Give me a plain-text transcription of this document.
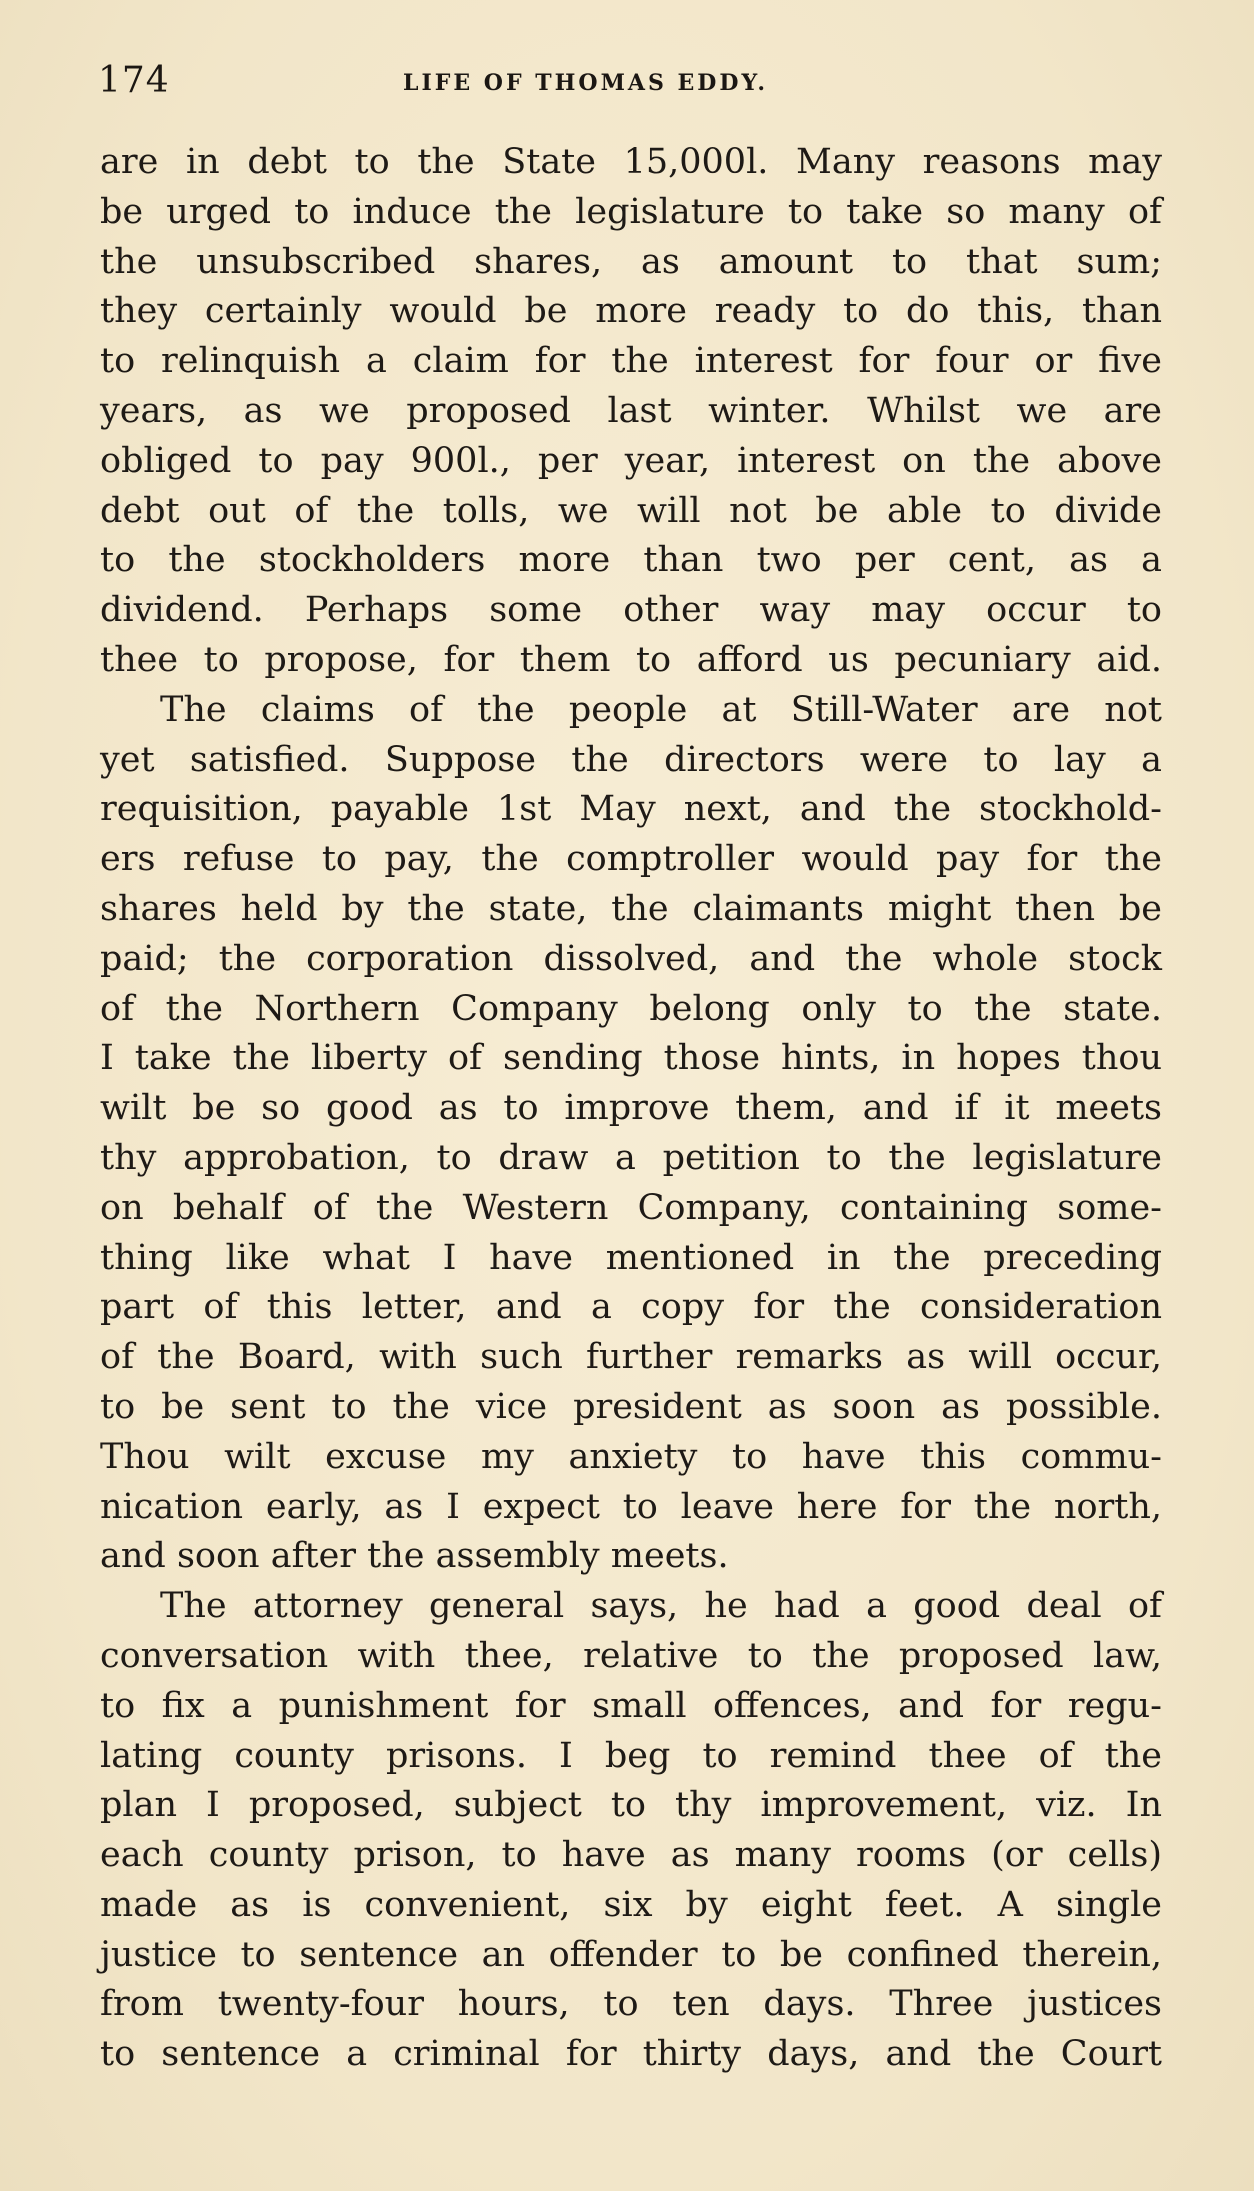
174	LIFE OF THOMAS EDDY.
are in debt to the State 15,000l. Many reasons may
be urged to induce the legislature to take so many of
the unsubscribed shares, as amount to that sum;
they certainly would be more ready to do this, than
to relinquish a claim for the interest for four or five
years, as we proposed last winter. Whilst we are
obliged to pay 900l., per year, interest on the above
debt out of the tolls, we will not be able to divide
to the stockholders more than two per cent, as a
dividend. Perhaps some other way may occur to
thee to propose, for them to afford us pecuniary aid.
The claims of the people at Still-Water are not
yet satisfied. Suppose the directors were to lay a
requisition, payable 1st May next, and the stockhold-
ers refuse to pay, the comptroller would pay for the
shares held by the state, the claimants might then be
paid; the corporation dissolved, and the whole stock
of the Northern Company belong only to the state.
I take the liberty of sending those hints, in hopes thou
wilt be so good as to improve them, and if it meets
thy approbation, to draw a petition to the legislature
on behalf of the Western Company, containing some-
thing like what I have mentioned in the preceding
part of this letter, and a copy for the consideration
of the Board, with such further remarks as will occur,
to be sent to the vice president as soon as possible.
Thou wilt excuse my anxiety to have this commu-
nication early, as I expect to leave here for the north,
and soon after the assembly meets.
The attorney general says, he had a good deal of
conversation with thee, relative to the proposed law,
to fix a punishment for small offences, and for regu-
lating county prisons. I beg to remind thee of the
plan I proposed, subject to thy improvement, viz. In
each county prison, to have as many rooms (or cells)
made as is convenient, six by eight feet. A single
justice to sentence an offender to be confined therein,
from twenty-four hours, to ten days. Three justices
to sentence a criminal for thirty days, and the Court
